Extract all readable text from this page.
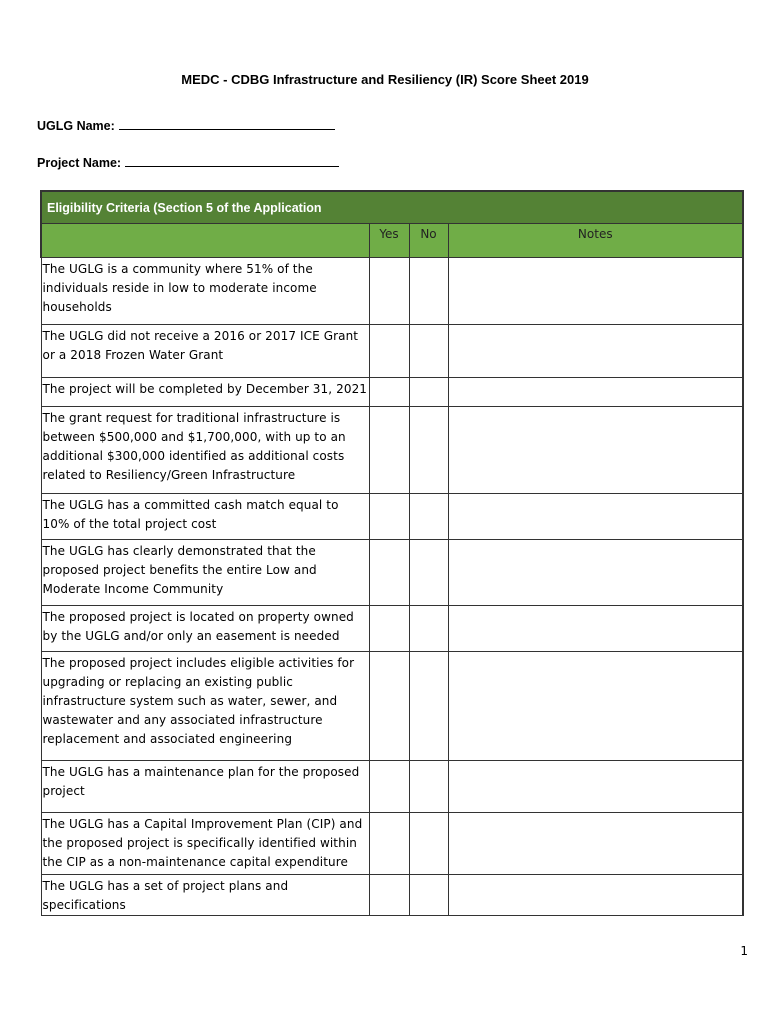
MEDC - CDBG Infrastructure and Resiliency (IR) Score Sheet 2019
UGLG Name:
Project Name:
Eligibility Criteria (Section 5 of the Application			
	Yes	No	Notes
The UGLG is a community where 51% of the individuals reside in low to moderate income households			
The UGLG did not receive a 2016 or 2017 ICE Grant or a 2018 Frozen Water Grant			
The project will be completed by December 31, 2021			
The grant request for traditional infrastructure is between $500,000 and $1,700,000, with up to an additional $300,000 identified as additional costs related to Resiliency/Green Infrastructure			
The UGLG has a committed cash match equal to 10% of the total project cost			
The UGLG has clearly demonstrated that the proposed project benefits the entire Low and Moderate Income Community			
The proposed project is located on property owned by the UGLG and/or only an easement is needed			
The proposed project includes eligible activities for upgrading or replacing an existing public infrastructure system such as water, sewer, and wastewater and any associated infrastructure replacement and associated engineering			
The UGLG has a maintenance plan for the proposed project			
The UGLG has a Capital Improvement Plan (CIP) and the proposed project is specifically identified within the CIP as a non-maintenance capital expenditure			
The UGLG has a set of project plans and specifications			
1
